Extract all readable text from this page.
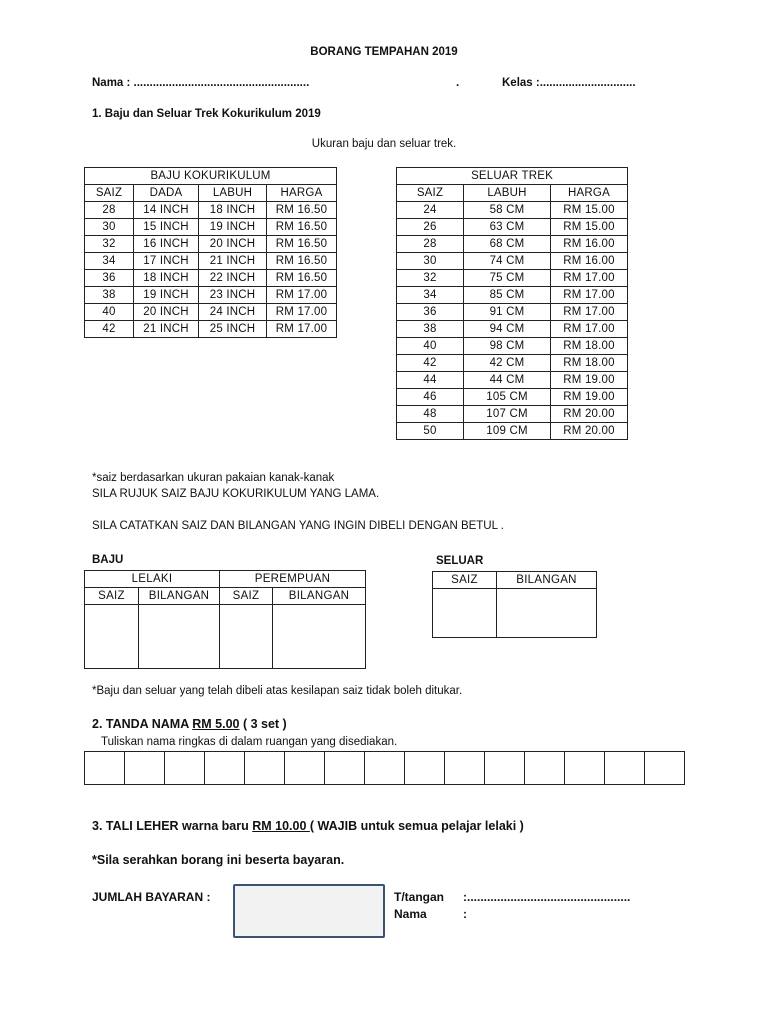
BORANG TEMPAHAN 2019
Nama : .......................................................	.	Kelas :..............................
1. Baju dan Seluar Trek Kokurikulum 2019
Ukuran baju dan seluar trek.
BAJU KOKURIKULUM			
SAIZ	DADA	LABUH	HARGA
28	14 INCH	18 INCH	RM 16.50
30	15 INCH	19 INCH	RM 16.50
32	16 INCH	20 INCH	RM 16.50
34	17 INCH	21 INCH	RM 16.50
36	18 INCH	22 INCH	RM 16.50
38	19 INCH	23 INCH	RM 17.00
40	20 INCH	24 INCH	RM 17.00
42	21 INCH	25 INCH	RM 17.00
SELUAR TREK		
SAIZ	LABUH	HARGA
24	58 CM	RM 15.00
26	63 CM	RM 15.00
28	68 CM	RM 16.00
30	74 CM	RM 16.00
32	75 CM	RM 17.00
34	85 CM	RM 17.00
36	91 CM	RM 17.00
38	94 CM	RM 17.00
40	98 CM	RM 18.00
42	42 CM	RM 18.00
44	44 CM	RM 19.00
46	105 CM	RM 19.00
48	107 CM	RM 20.00
50	109 CM	RM 20.00
*saiz berdasarkan ukuran pakaian kanak-kanak
SILA RUJUK SAIZ BAJU KOKURIKULUM YANG LAMA.
SILA CATATKAN SAIZ DAN BILANGAN YANG INGIN DIBELI DENGAN BETUL .
BAJU
LELAKI		PEREMPUAN	
SAIZ	BILANGAN	SAIZ	BILANGAN

SELUAR
SAIZ	BILANGAN

*Baju dan seluar yang telah dibeli atas kesilapan saiz tidak boleh ditukar.
2. TANDA NAMA RM 5.00 ( 3 set )
Tuliskan nama ringkas di dalam ruangan yang disediakan.
3. TALI LEHER warna baru RM 10.00 ( WAJIB untuk semua pelajar lelaki )
*Sila serahkan borang ini beserta bayaran.
JUMLAH BAYARAN :	T/tangan :.................................................
Nama	:
